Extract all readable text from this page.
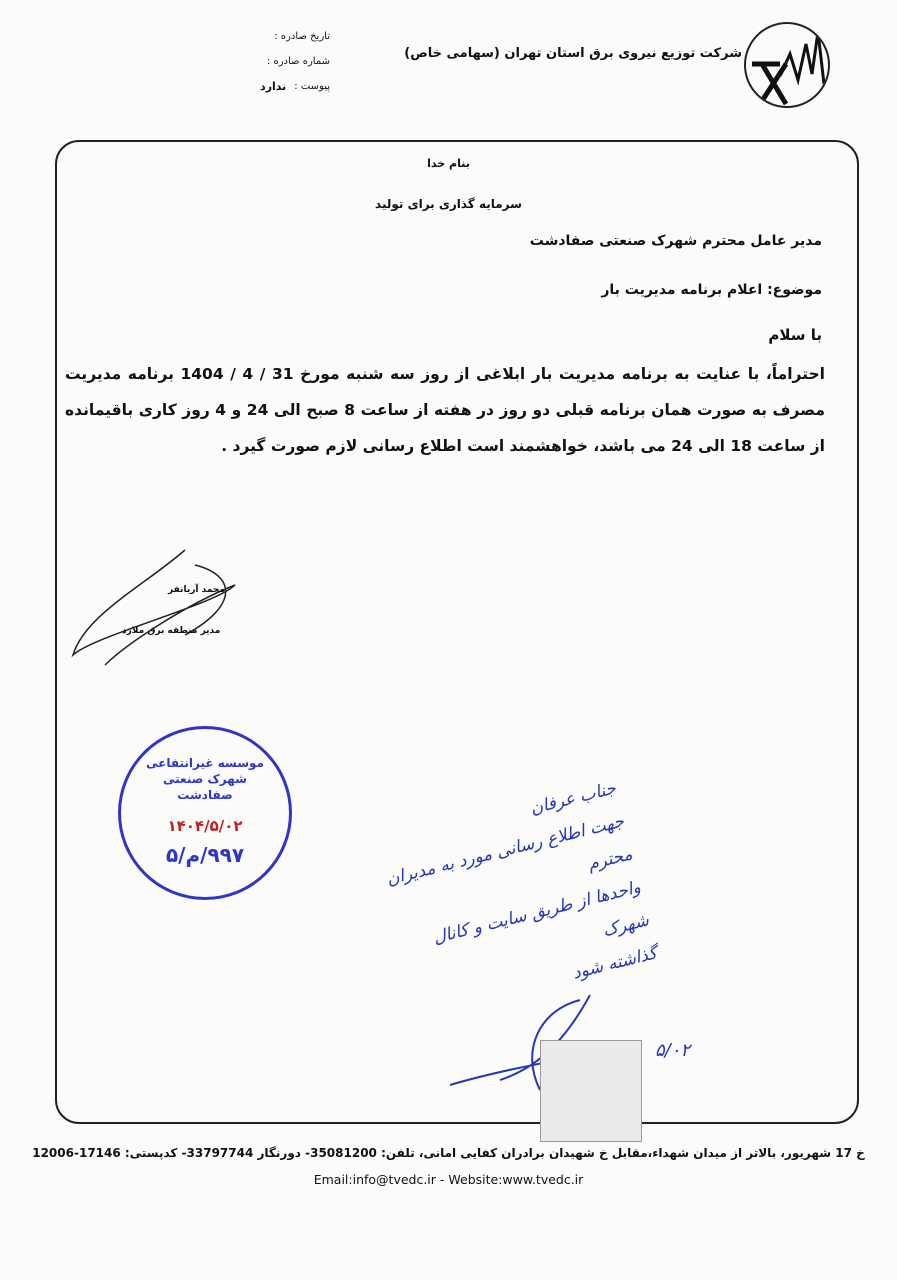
شرکت توزیع نیروی برق استان تهران (سهامی خاص)
تاریخ صادره :
شماره صادره :
پیوست :
ندارد
بنام خدا
سرمایه گذاری برای تولید
مدیر عامل محترم شهرک صنعتی صفادشت
موضوع: اعلام برنامه مدیریت بار
با سلام
احتراماً، با عنایت به برنامه مدیریت بار ابلاغی از روز سه شنبه مورخ 31 / 4 / 1404 برنامه مدیریت مصرف به صورت همان برنامه قبلی دو روز در هفته از ساعت 8 صبح الی 24 و 4 روز کاری باقیمانده از ساعت 18 الی 24 می باشد، خواهشمند است اطلاع رسانی لازم صورت گیرد .
محمد آریانفر
مدیر منطقه برق ملارد
موسسه غیرانتفاعی شهرک صنعتی صفادشت
۱۴۰۴/۵/۰۲
۹۹۷/م/۵
جناب عرفان
جهت اطلاع رسانی مورد به مدیران محترم
واحدها از طریق سایت و کانال شهرک
گذاشته شود
۵/۰۲
خ 17 شهریور، بالاتر از میدان شهداء،مقابل خ شهیدان برادران کفایی امانی، تلفن: 35081200- دورنگار 33797744- کدپستی: 17146-12006
Email:info@tvedc.ir - Website:www.tvedc.ir
